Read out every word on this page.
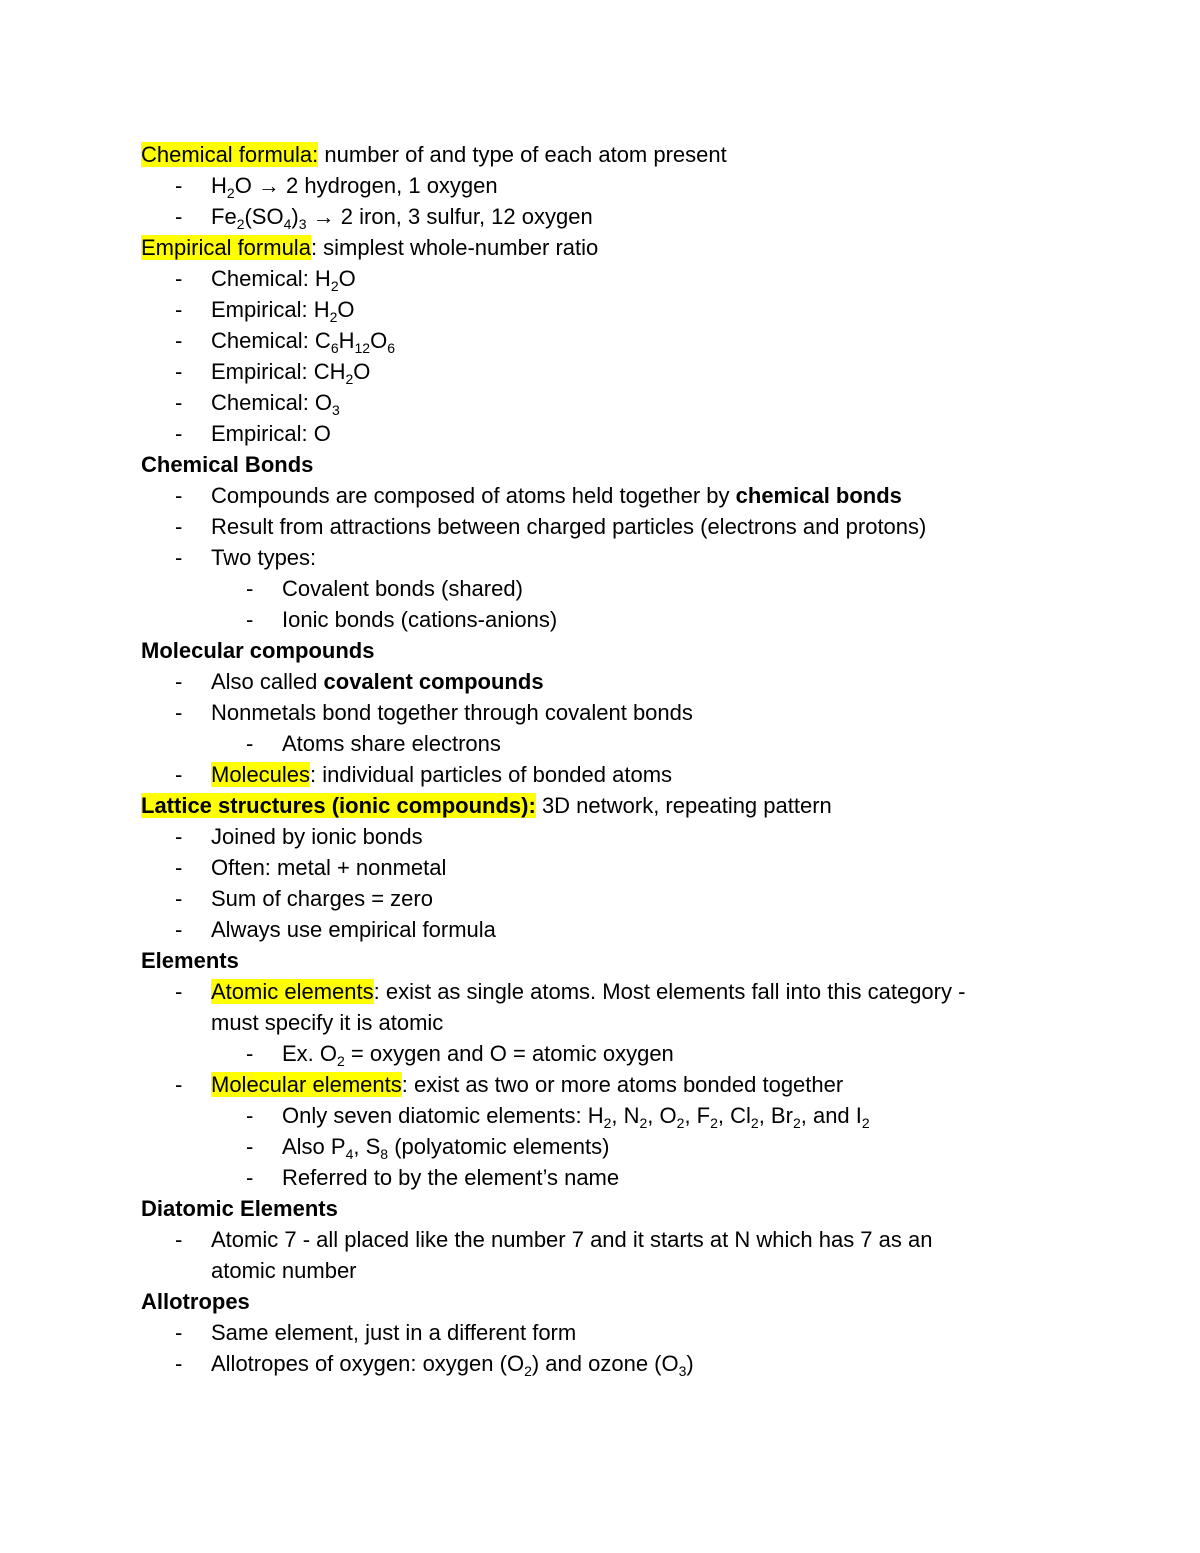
Chemical formula: number of and type of each atom present
- $H_2O \to 2$ hydrogen, 1 oxygen
- $Fe_2(SO_4)_3 \to 2$ iron, 3 sulfur, 12 oxygen
Empirical formula: simplest whole-number ratio
- Chemical: $H_2O$
- Empirical: $H_2O$
- Chemical: $C_6H_{12}O_6$
- Empirical: $CH_2O$
- Chemical: $O_3$
- Empirical: O
Chemical Bonds
- Compounds are composed of atoms held together by chemical bonds
- Result from attractions between charged particles (electrons and protons)
- Two types:
- Covalent bonds (shared)
- Ionic bonds (cations-anions)
Molecular compounds
- Also called covalent compounds
- Nonmetals bond together through covalent bonds
- Atoms share electrons
- Molecules: individual particles of bonded atoms
Lattice structures (ionic compounds): 3D network, repeating pattern
- Joined by ionic bonds
- Often: metal + nonmetal
- Sum of charges = zero
- Always use empirical formula
Elements
- Atomic elements: exist as single atoms. Most elements fall into this category -
must specify it is atomic
- Ex. $O_2$ = oxygen and O = atomic oxygen
- Molecular elements: exist as two or more atoms bonded together
- Only seven diatomic elements: $H_2$, $N_2$, $O_2$, $F_2$, $Cl_2$, $Br_2$, and $I_2$
- Also $P_4$, $S_8$ (polyatomic elements)
- Referred to by the element’s name
Diatomic Elements
- Atomic 7 - all placed like the number 7 and it starts at N which has 7 as an
atomic number
Allotropes
- Same element, just in a different form
- Allotropes of oxygen: oxygen $(O_2)$ and ozone $(O_3)$
